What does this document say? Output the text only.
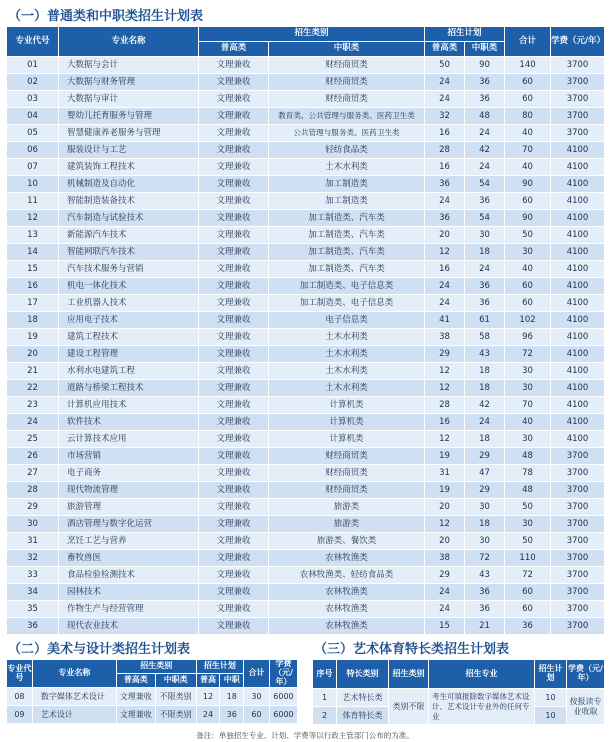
（一）普通类和中职类招生计划表
专业代号	专业名称	招生类别		招生计划		合计	学费（元/年）
		普高类	中职类	普高类	中职类		
01	大数据与会计	文理兼收	财经商贸类	50	90	140	3700
02	大数据与财务管理	文理兼收	财经商贸类	24	36	60	3700
03	大数据与审计	文理兼收	财经商贸类	24	36	60	3700
04	婴幼儿托育服务与管理	文理兼收	教育类、公共管理与服务类、医药卫生类	32	48	80	3700
05	智慧健康养老服务与管理	文理兼收	公共管理与服务类、医药卫生类	16	24	40	3700
06	服装设计与工艺	文理兼收	轻纺食品类	28	42	70	4100
07	建筑装饰工程技术	文理兼收	土木水利类	16	24	40	4100
10	机械制造及自动化	文理兼收	加工制造类	36	54	90	4100
11	智能制造装备技术	文理兼收	加工制造类	24	36	60	4100
12	汽车制造与试验技术	文理兼收	加工制造类、汽车类	36	54	90	4100
13	新能源汽车技术	文理兼收	加工制造类、汽车类	20	30	50	4100
14	智能网联汽车技术	文理兼收	加工制造类、汽车类	12	18	30	4100
15	汽车技术服务与营销	文理兼收	加工制造类、汽车类	16	24	40	4100
16	机电一体化技术	文理兼收	加工制造类、电子信息类	24	36	60	4100
17	工业机器人技术	文理兼收	加工制造类、电子信息类	24	36	60	4100
18	应用电子技术	文理兼收	电子信息类	41	61	102	4100
19	建筑工程技术	文理兼收	土木水利类	38	58	96	4100
20	建设工程管理	文理兼收	土木水利类	29	43	72	4100
21	水利水电建筑工程	文理兼收	土木水利类	12	18	30	4100
22	道路与桥梁工程技术	文理兼收	土木水利类	12	18	30	4100
23	计算机应用技术	文理兼收	计算机类	28	42	70	4100
24	软件技术	文理兼收	计算机类	16	24	40	4100
25	云计算技术应用	文理兼收	计算机类	12	18	30	4100
26	市场营销	文理兼收	财经商贸类	19	29	48	3700
27	电子商务	文理兼收	财经商贸类	31	47	78	3700
28	现代物流管理	文理兼收	财经商贸类	19	29	48	3700
29	旅游管理	文理兼收	旅游类	20	30	50	3700
30	酒店管理与数字化运营	文理兼收	旅游类	12	18	30	3700
31	烹饪工艺与营养	文理兼收	旅游类、餐饮类	20	30	50	3700
32	畜牧兽医	文理兼收	农林牧渔类	38	72	110	3700
33	食品检验检测技术	文理兼收	农林牧渔类、轻纺食品类	29	43	72	3700
34	园林技术	文理兼收	农林牧渔类	24	36	60	3700
35	作物生产与经营管理	文理兼收	农林牧渔类	24	36	60	3700
36	现代农业技术	文理兼收	农林牧渔类	15	21	36	3700
（二）美术与设计类招生计划表
专业代号	专业名称	招生类别		招生计划		合计	学费（元/年）
		普高类	中职类	普高	中职		
08	数字媒体艺术设计	文理兼收	不限类别	12	18	30	6000
09	艺术设计	文理兼收	不限类别	24	36	60	6000
（三）艺术体育特长类招生计划表
序号	特长类别	招生类别	招生专业	招生计划	学费（元/年）
1	艺术特长类	类别不限	考生可填报除数字媒体艺术设计、艺术设计专业外的任何专业	10	按报读专业收取
2	体育特长类			10	
备注：单独招生专业、计划、学费等以行政主管部门公布的为准。
